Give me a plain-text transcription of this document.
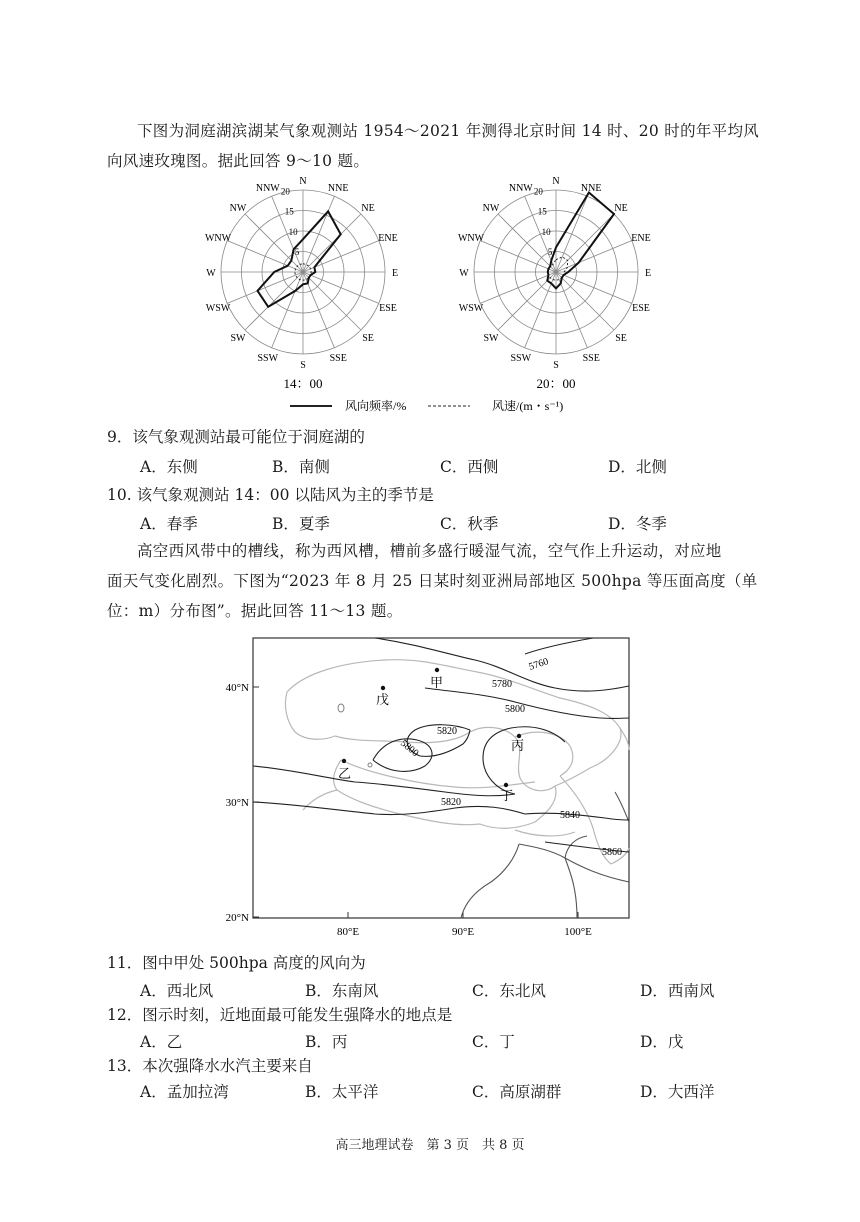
下图为洞庭湖滨湖某气象观测站 1954～2021 年测得北京时间 14 时、20 时的年平均风
向风速玫瑰图。据此回答 9～10 题。
N
NNE
NE
ENE
E
ESE
SE
SSE
S
SSW
SW
WSW
W
WNW
NW
NNW
5
10
15
20
N
NNE
NE
ENE
E
ESE
SE
SSE
S
SSW
SW
WSW
W
WNW
NW
NNW
5
10
15
20
14：00	20：00
风向频率/%	风速/(m・s⁻¹)
9．该气象观测站最可能位于洞庭湖的
A．东侧	B．南侧	C．西侧	D．北侧
10. 该气象观测站 14：00 以陆风为主的季节是
A．春季	B．夏季	C．秋季	D．冬季
高空西风带中的槽线，称为西风槽，槽前多盛行暖湿气流，空气作上升运动，对应地
面天气变化剧烈。下图为“2023 年 8 月 25 日某时刻亚洲局部地区 500hpa 等压面高度（单
位：m）分布图”。据此回答 11～13 题。
40°N
30°N
20°N
80°E	90°E	100°E
5760
5780
5800
5820
5800
5820
5840
5860
甲
戊
乙
丙
丁
11．图中甲处 500hpa 高度的风向为
A．西北风	B．东南风	C．东北风	D．西南风
12．图示时刻，近地面最可能发生强降水的地点是
A．乙	B．丙	C．丁	D．戊
13．本次强降水水汽主要来自
A．孟加拉湾	B．太平洋	C．高原湖群	D．大西洋
高三地理试卷　第 3 页　共 8 页
